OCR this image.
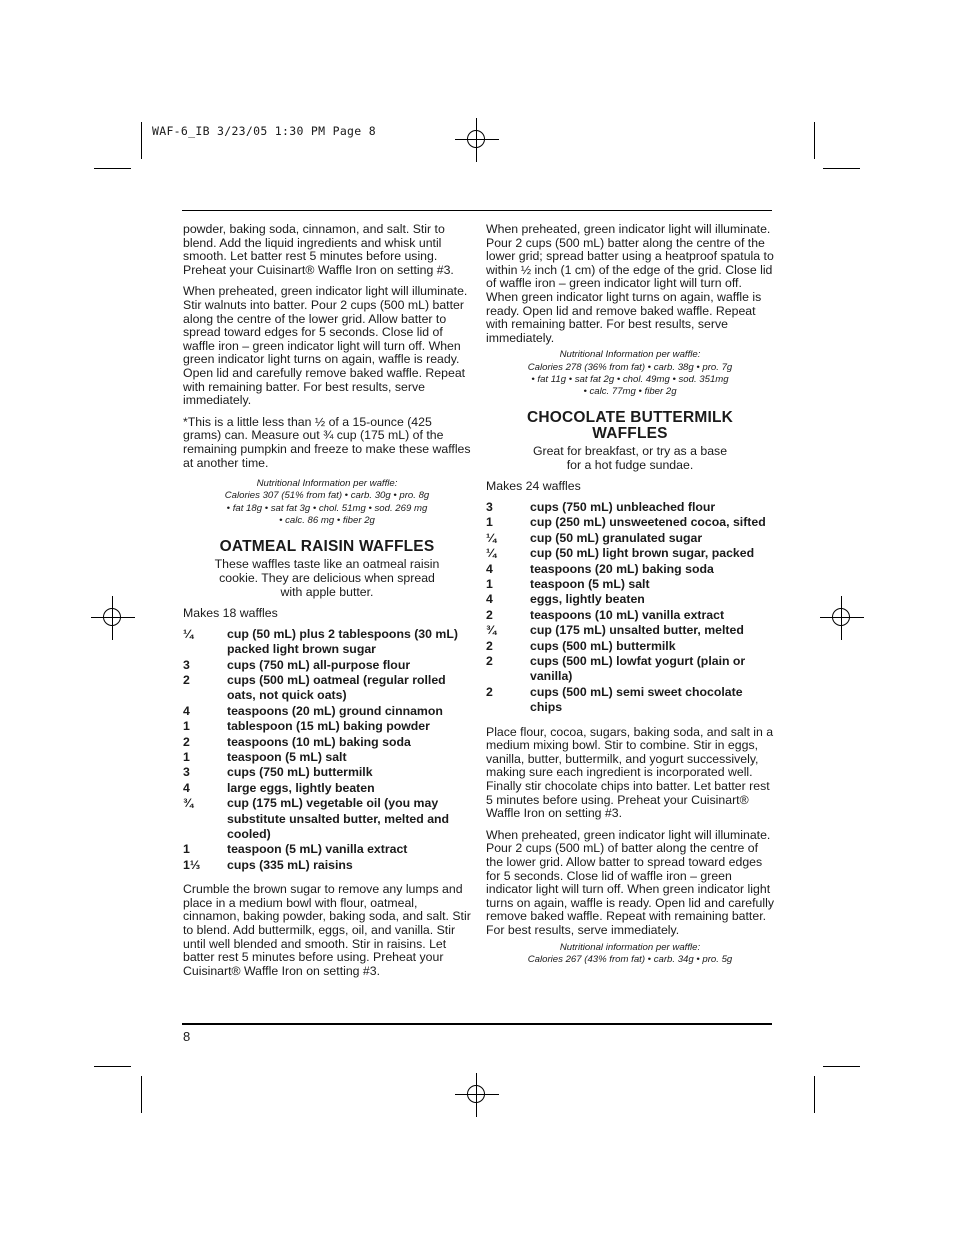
WAF-6_IB 3/23/05 1:30 PM Page 8
8

powder, baking soda, cinnamon, and salt. Stir to blend. Add the liquid ingredients and whisk until smooth. Let batter rest 5 minutes before using. Preheat your Cuisinart® Waffle Iron on setting #3.

When preheated, green indicator light will illuminate. Stir walnuts into batter. Pour 2 cups (500 mL) batter along the centre of the lower grid. Allow batter to spread toward edges for 5 seconds. Close lid of waffle iron – green indicator light will turn off. When green indicator light turns on again, waffle is ready. Open lid and carefully remove baked waffle. Repeat with remaining batter. For best results, serve immediately.

*This is a little less than ½ of a 15-ounce (425 grams) can. Measure out ¾ cup (175 mL) of the remaining pumpkin and freeze to make these waffles at another time.

Nutritional Information per waffle:
Calories 307 (51% from fat) • carb. 30g • pro. 8g
• fat 18g • sat fat 3g • chol. 51mg • sod. 269 mg
• calc. 86 mg • fiber 2g
OATMEAL RAISIN WAFFLES

These waffles taste like an oatmeal raisin cookie. They are delicious when spread with apple butter.

Makes 18 waffles

¼	cup (50 mL) plus 2 tablespoons (30 mL) packed light brown sugar
3	cups (750 mL) all-purpose flour
2	cups (500 mL) oatmeal (regular rolled oats, not quick oats)
4	teaspoons (20 mL) ground cinnamon
1	tablespoon (15 mL) baking powder
2	teaspoons (10 mL) baking soda
1	teaspoon (5 mL) salt
3	cups (750 mL) buttermilk
4	large eggs, lightly beaten
¾	cup (175 mL) vegetable oil (you may substitute unsalted butter, melted and cooled)
1	teaspoon (5 mL) vanilla extract
1⅓	cups (335 mL) raisins

Crumble the brown sugar to remove any lumps and place in a medium bowl with flour, oatmeal, cinnamon, baking powder, baking soda, and salt. Stir to blend. Add buttermilk, eggs, oil, and vanilla. Stir until well blended and smooth. Stir in raisins. Let batter rest 5 minutes before using. Preheat your Cuisinart® Waffle Iron on setting #3.

When preheated, green indicator light will illuminate. Pour 2 cups (500 mL) batter along the centre of the lower grid; spread batter using a heatproof spatula to within ½ inch (1 cm) of the edge of the grid. Close lid of waffle iron – green indicator light will turn off. When green indicator light turns on again, waffle is ready. Open lid and remove baked waffle. Repeat with remaining batter. For best results, serve immediately.

Nutritional Information per waffle:
Calories 278 (36% from fat) • carb. 38g • pro. 7g
• fat 11g • sat fat 2g • chol. 49mg • sod. 351mg
• calc. 77mg • fiber 2g
CHOCOLATE BUTTERMILK
WAFFLES
Great for breakfast, or try as a base
for a hot fudge sundae.

Makes 24 waffles

3	cups (750 mL) unbleached flour
1	cup (250 mL) unsweetened cocoa, sifted
¼	cup (50 mL) granulated sugar
¼	cup (50 mL) light brown sugar, packed
4	teaspoons (20 mL) baking soda
1	teaspoon (5 mL) salt
4	eggs, lightly beaten
2	teaspoons (10 mL) vanilla extract
¾	cup (175 mL) unsalted butter, melted
2	cups (500 mL) buttermilk
2	cups (500 mL) lowfat yogurt (plain or vanilla)
2	cups (500 mL) semi sweet chocolate chips

Place flour, cocoa, sugars, baking soda, and salt in a medium mixing bowl. Stir to combine. Stir in eggs, vanilla, butter, buttermilk, and yogurt successively, making sure each ingredient is incorporated well. Finally stir chocolate chips into batter. Let batter rest 5 minutes before using. Preheat your Cuisinart® Waffle Iron on setting #3.

When preheated, green indicator light will illuminate. Pour 2 cups (500 mL) of batter along the centre of the lower grid. Allow batter to spread toward edges for 5 seconds. Close lid of waffle iron – green indicator light will turn off. When green indicator light turns on again, waffle is ready. Open lid and carefully remove baked waffle. Repeat with remaining batter. For best results, serve immediately.

Nutritional information per waffle:
Calories 267 (43% from fat) • carb. 34g • pro. 5g
